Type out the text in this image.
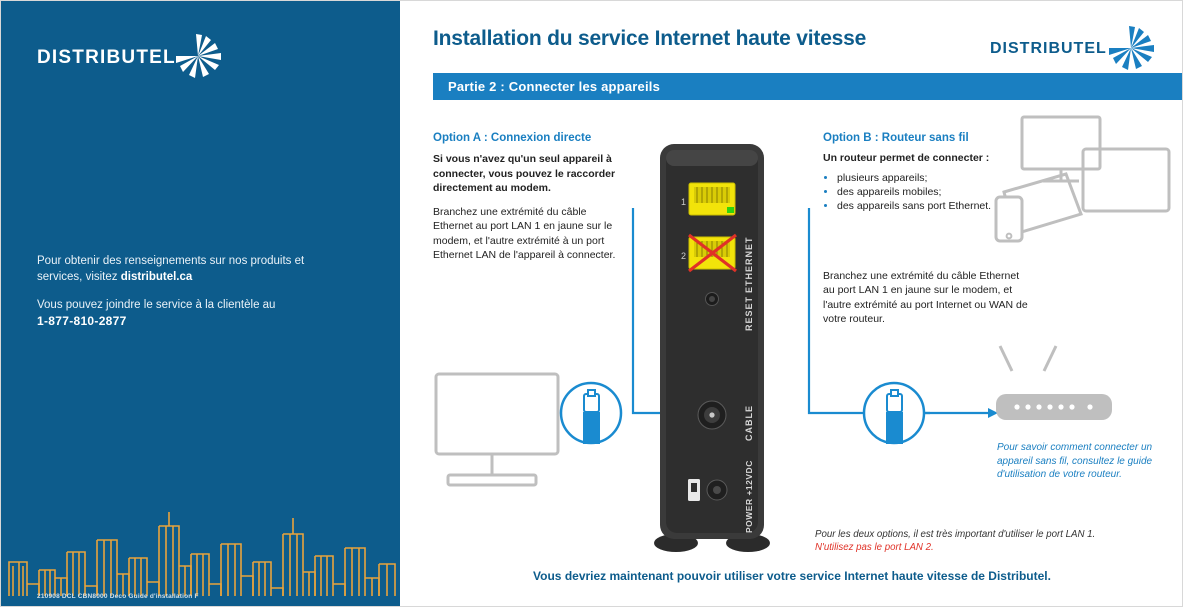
DISTRIBUTEL
Pour obtenir des renseignements sur nos produits et
services, visitez distributel.ca
Vous pouvez joindre le service à la clientèle au
1-877-810-2877
210908 DCL CBN8000 Deco Guide d'installation F
Installation du service Internet haute vitesse	DISTRIBUTEL
Partie 2 : Connecter les appareils
Option A : Connexion directe
Si vous n'avez qu'un seul appareil à connecter, vous pouvez le raccorder directement au modem.
Branchez une extrémité du câble Ethernet au port LAN 1 en jaune sur le modem, et l'autre extrémité à un port Ethernet LAN de l'appareil à connecter.
Option B : Routeur sans fil
Un routeur permet de connecter :
• plusieurs appareils;
• des appareils mobiles;
• des appareils sans port Ethernet.
Branchez une extrémité du câble Ethernet au port LAN 1 en jaune sur le modem, et l'autre extrémité au port Internet ou WAN de votre routeur.
Pour savoir comment connecter un appareil sans fil, consultez le guide d'utilisation de votre routeur.
Pour les deux options, il est très important d'utiliser le port LAN 1.
N'utilisez pas le port LAN 2.
Vous devriez maintenant pouvoir utiliser votre service Internet haute vitesse de Distributel.
1
2	ETHERNET
RESET
CABLE
POWER +12VDC
